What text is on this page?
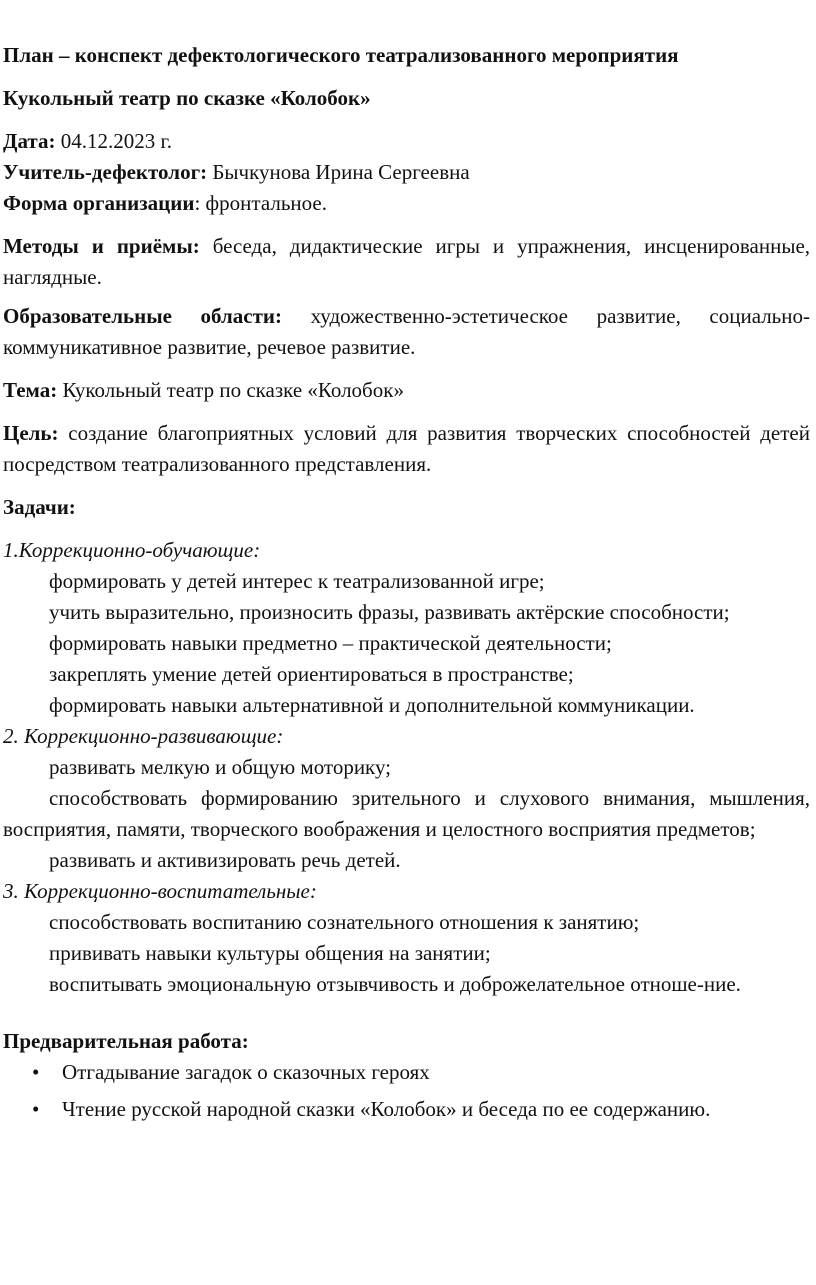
План – конспект дефектологического театрализованного мероприятия

Кукольный театр по сказке «Колобок»

Дата: 04.12.2023 г.

Учитель-дефектолог: Бычкунова Ирина Сергеевна

Форма организации: фронтальное.

Методы и приёмы: беседа, дидактические игры и упражнения, инсценированные, наглядные.

Образовательные области: художественно-эстетическое развитие, социально-коммуникативное развитие, речевое развитие.

Тема: Кукольный театр по сказке «Колобок»

Цель: создание благоприятных условий для развития творческих способностей детей посредством театрализованного представления.

Задачи:

1.Коррекционно-обучающие:

формировать у детей интерес к театрализованной игре;

учить выразительно, произносить фразы, развивать актёрские способности;

формировать навыки предметно – практической деятельности;

закреплять умение детей ориентироваться в пространстве;

формировать навыки альтернативной и дополнительной коммуникации.

2. Коррекционно-развивающие:

развивать мелкую и общую моторику;

способствовать формированию зрительного и слухового внимания, мышления, восприятия, памяти, творческого воображения и целостного восприятия предметов;

развивать и активизировать речь детей.

3. Коррекционно-воспитательные:

способствовать воспитанию сознательного отношения к занятию;

прививать навыки культуры общения на занятии;

воспитывать эмоциональную отзывчивость и доброжелательное отноше-ние.

Предварительная работа:

• Отгадывание загадок о сказочных героях
• Чтение русской народной сказки «Колобок» и беседа по ее содержанию.
